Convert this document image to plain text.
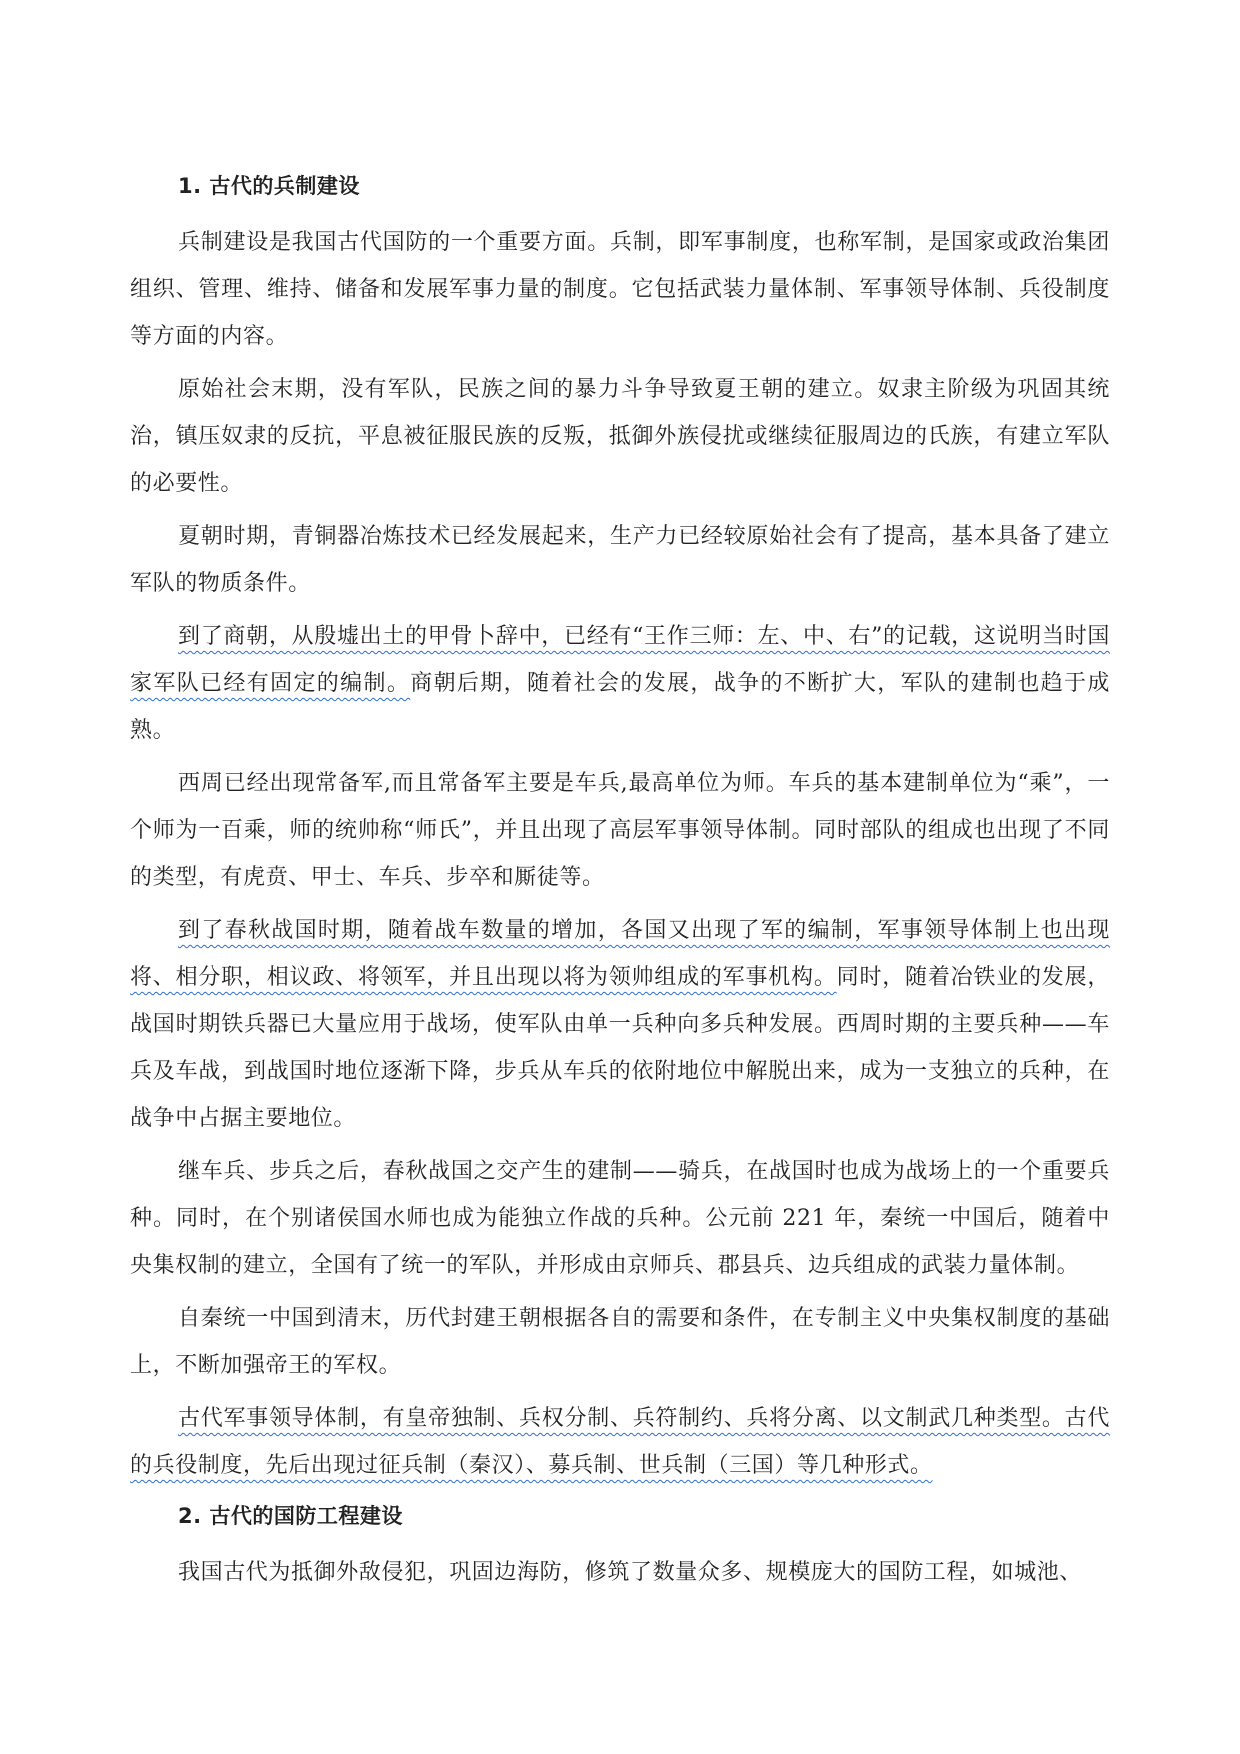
1. 古代的兵制建设

兵制建设是我国古代国防的一个重要方面。兵制，即军事制度，也称军制，是国家或政治集团组织、管理、维持、储备和发展军事力量的制度。它包括武装力量体制、军事领导体制、兵役制度等方面的内容。

原始社会末期，没有军队，民族之间的暴力斗争导致夏王朝的建立。奴隶主阶级为巩固其统治，镇压奴隶的反抗，平息被征服民族的反叛，抵御外族侵扰或继续征服周边的氏族，有建立军队的必要性。

夏朝时期，青铜器冶炼技术已经发展起来，生产力已经较原始社会有了提高，基本具备了建立军队的物质条件。

到了商朝，从殷墟出土的甲骨卜辞中，已经有“王作三师：左、中、右”的记载，这说明当时国家军队已经有固定的编制。商朝后期，随着社会的发展，战争的不断扩大，军队的建制也趋于成熟。

西周已经出现常备军,而且常备军主要是车兵,最高单位为师。车兵的基本建制单位为“乘”，一个师为一百乘，师的统帅称“师氏”，并且出现了高层军事领导体制。同时部队的组成也出现了不同的类型，有虎贲、甲士、车兵、步卒和厮徒等。

到了春秋战国时期，随着战车数量的增加，各国又出现了军的编制，军事领导体制上也出现将、相分职，相议政、将领军，并且出现以将为领帅组成的军事机构。同时，随着冶铁业的发展，战国时期铁兵器已大量应用于战场，使军队由单一兵种向多兵种发展。西周时期的主要兵种——车兵及车战，到战国时地位逐渐下降，步兵从车兵的依附地位中解脱出来，成为一支独立的兵种，在战争中占据主要地位。

继车兵、步兵之后，春秋战国之交产生的建制——骑兵，在战国时也成为战场上的一个重要兵种。同时，在个别诸侯国水师也成为能独立作战的兵种。公元前 221 年，秦统一中国后，随着中央集权制的建立，全国有了统一的军队，并形成由京师兵、郡县兵、边兵组成的武装力量体制。

自秦统一中国到清末，历代封建王朝根据各自的需要和条件，在专制主义中央集权制度的基础上，不断加强帝王的军权。

古代军事领导体制，有皇帝独制、兵权分制、兵符制约、兵将分离、以文制武几种类型。古代的兵役制度，先后出现过征兵制（秦汉）、募兵制、世兵制（三国）等几种形式。

2. 古代的国防工程建设

我国古代为抵御外敌侵犯，巩固边海防，修筑了数量众多、规模庞大的国防工程，如城池、
